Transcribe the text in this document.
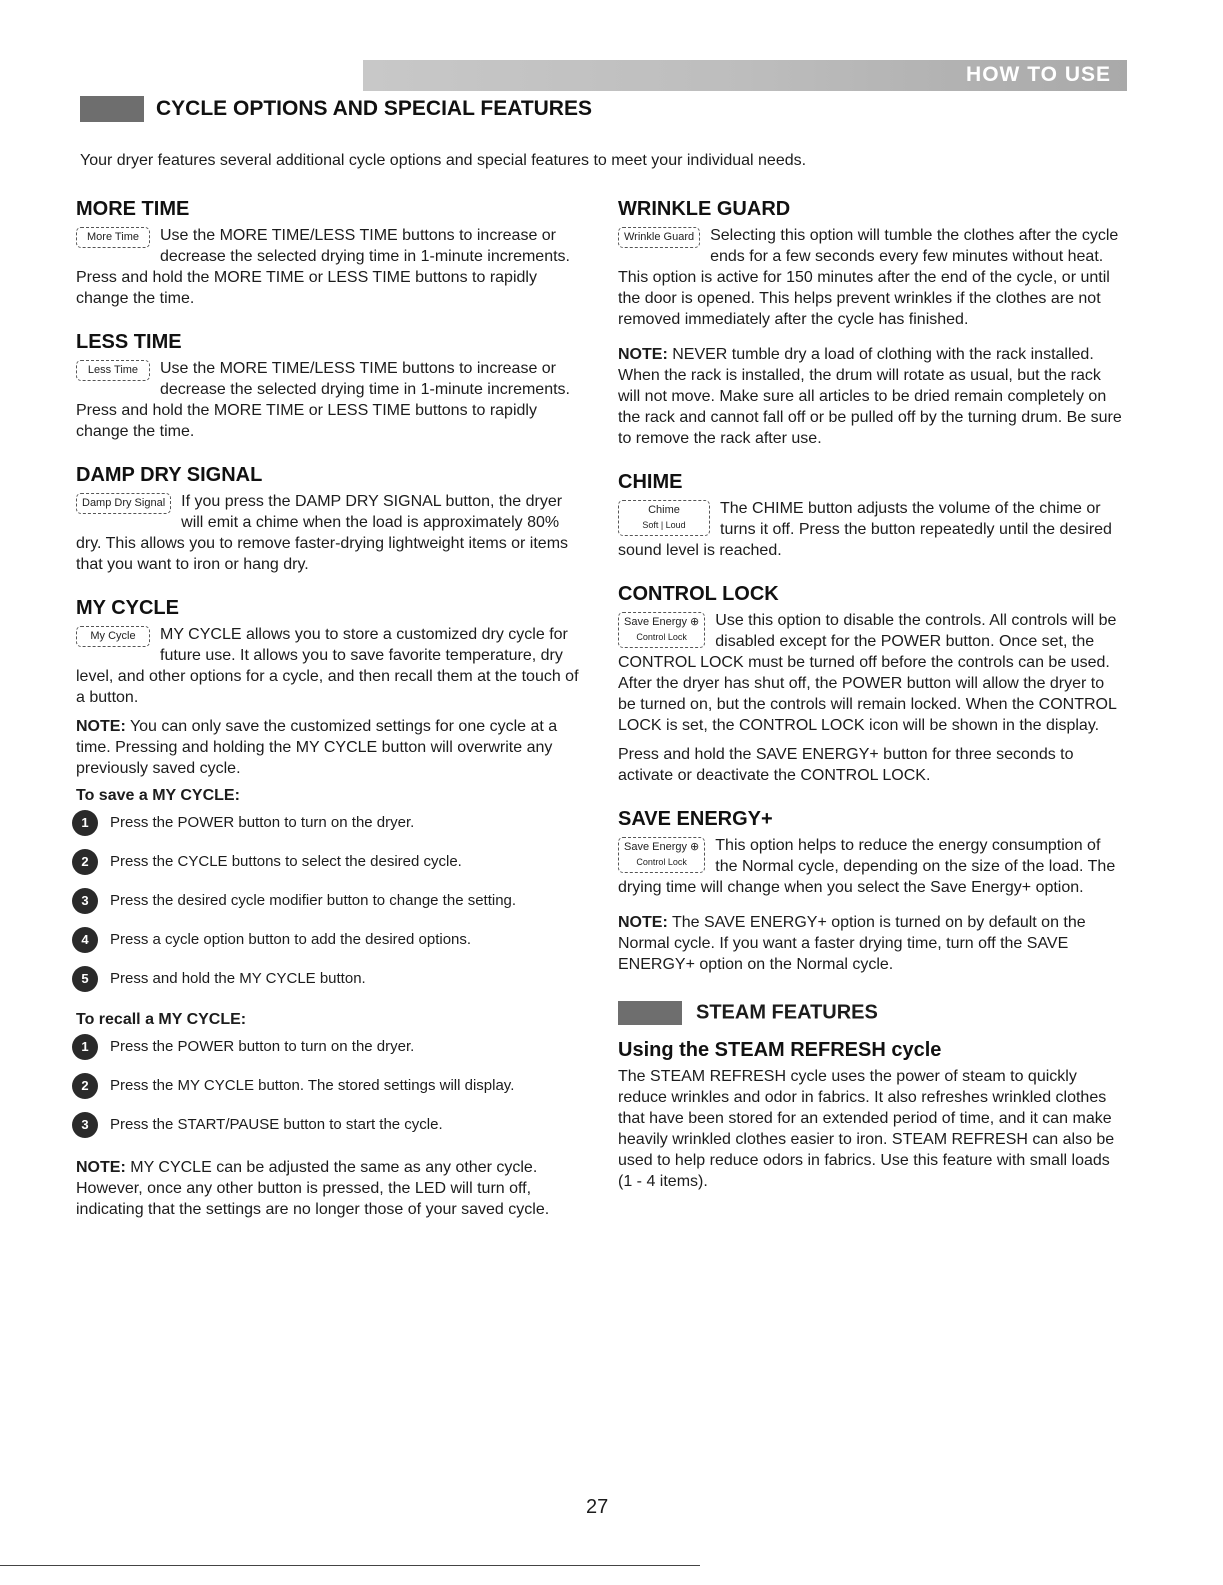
HOW TO USE
CYCLE OPTIONS AND SPECIAL FEATURES
Your dryer features several additional cycle options and special features to meet your individual needs.
MORE TIME
More Time	Use the MORE TIME/LESS TIME buttons to increase or decrease the selected drying time in 1-minute increments. Press and hold the MORE TIME or LESS TIME buttons to rapidly change the time.

LESS TIME
Less Time	Use the MORE TIME/LESS TIME buttons to increase or decrease the selected drying time in 1-minute increments. Press and hold the MORE TIME or LESS TIME buttons to rapidly change the time.

DAMP DRY SIGNAL
Damp Dry Signal	If you press the DAMP DRY SIGNAL button, the dryer will emit a chime when the load is approximately 80% dry. This allows you to remove faster-drying lightweight items or items that you want to iron or hang dry.

MY CYCLE
My Cycle	MY CYCLE allows you to store a customized dry cycle for future use. It allows you to save favorite temperature, dry level, and other options for a cycle, and then recall them at the touch of a button.

NOTE: You can only save the customized settings for one cycle at a time. Pressing and holding the MY CYCLE button will overwrite any previously saved cycle.

To save a MY CYCLE:
1	Press the POWER button to turn on the dryer.
2	Press the CYCLE buttons to select the desired cycle.
3	Press the desired cycle modifier button to change the setting.
4	Press a cycle option button to add the desired options.
5	Press and hold the MY CYCLE button.
To recall a MY CYCLE:
1	Press the POWER button to turn on the dryer.
2	Press the MY CYCLE button. The stored settings will display.
3	Press the START/PAUSE button to start the cycle.

NOTE: MY CYCLE can be adjusted the same as any other cycle. However, once any other button is pressed, the LED will turn off, indicating that the settings are no longer those of your saved cycle.

WRINKLE GUARD
Wrinkle Guard	Selecting this option will tumble the clothes after the cycle ends for a few seconds every few minutes without heat. This option is active for 150 minutes after the end of the cycle, or until the door is opened. This helps prevent wrinkles if the clothes are not removed immediately after the cycle has finished.

NOTE: NEVER tumble dry a load of clothing with the rack installed. When the rack is installed, the drum will rotate as usual, but the rack will not move. Make sure all articles to be dried remain completely on the rack and cannot fall off or be pulled off by the turning drum. Be sure to remove the rack after use.

CHIME
Chime
Soft | Loud

The CHIME button adjusts the volume of the chime or turns it off. Press the button repeatedly until the desired sound level is reached.

CONTROL LOCK
Save Energy ⊕
Control Lock

Use this option to disable the controls. All controls will be disabled except for the POWER button. Once set, the CONTROL LOCK must be turned off before the controls can be used. After the dryer has shut off, the POWER button will allow the dryer to be turned on, but the controls will remain locked. When the CONTROL LOCK is set, the CONTROL LOCK icon will be shown in the display.

Press and hold the SAVE ENERGY+ button for three seconds to activate or deactivate the CONTROL LOCK.

SAVE ENERGY+
Save Energy ⊕
Control Lock

This option helps to reduce the energy consumption of the Normal cycle, depending on the size of the load. The drying time will change when you select the Save Energy+ option.

NOTE: The SAVE ENERGY+ option is turned on by default on the Normal cycle. If you want a faster drying time, turn off the SAVE ENERGY+ option on the Normal cycle.

STEAM FEATURES
Using the STEAM REFRESH cycle

The STEAM REFRESH cycle uses the power of steam to quickly reduce wrinkles and odor in fabrics. It also refreshes wrinkled clothes that have been stored for an extended period of time, and it can make heavily wrinkled clothes easier to iron. STEAM REFRESH can also be used to help reduce odors in fabrics. Use this feature with small loads (1 - 4 items).

27
